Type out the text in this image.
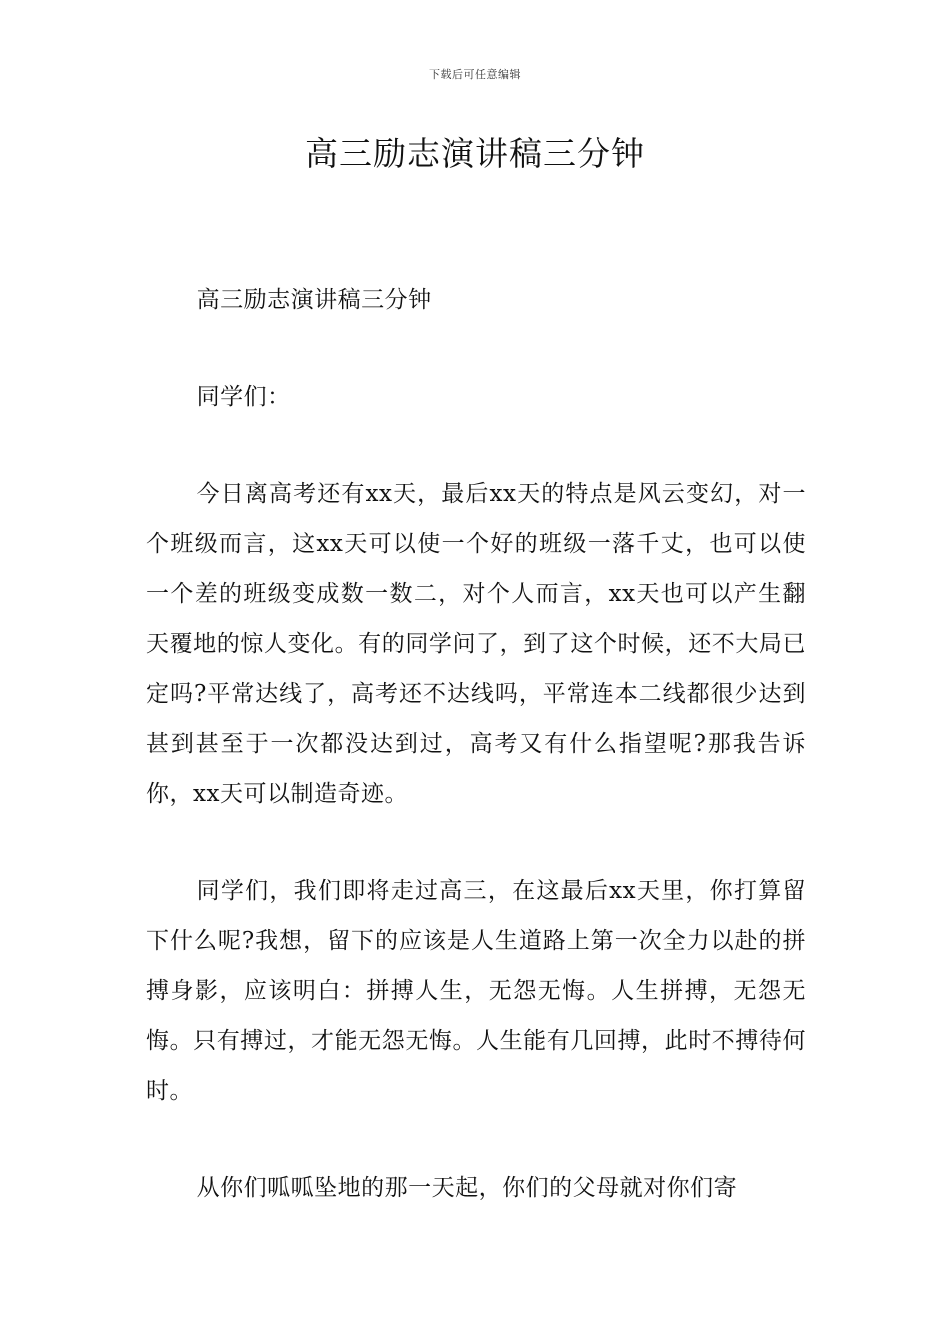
下载后可任意编辑
高三励志演讲稿三分钟

高三励志演讲稿三分钟

同学们：

今日离高考还有xx天，最后xx天的特点是风云变幻，对一个班级而言，这xx天可以使一个好的班级一落千丈，也可以使一个差的班级变成数一数二，对个人而言，xx天也可以产生翻天覆地的惊人变化。有的同学问了，到了这个时候，还不大局已定吗?平常达线了，高考还不达线吗，平常连本二线都很少达到甚到甚至于一次都没达到过，高考又有什么指望呢?那我告诉你，xx天可以制造奇迹。

同学们，我们即将走过高三，在这最后xx天里，你打算留下什么呢?我想，留下的应该是人生道路上第一次全力以赴的拼搏身影，应该明白：拼搏人生，无怨无悔。人生拼搏，无怨无悔。只有搏过，才能无怨无悔。人生能有几回搏，此时不搏待何时。

从你们呱呱坠地的那一天起，你们的父母就对你们寄
